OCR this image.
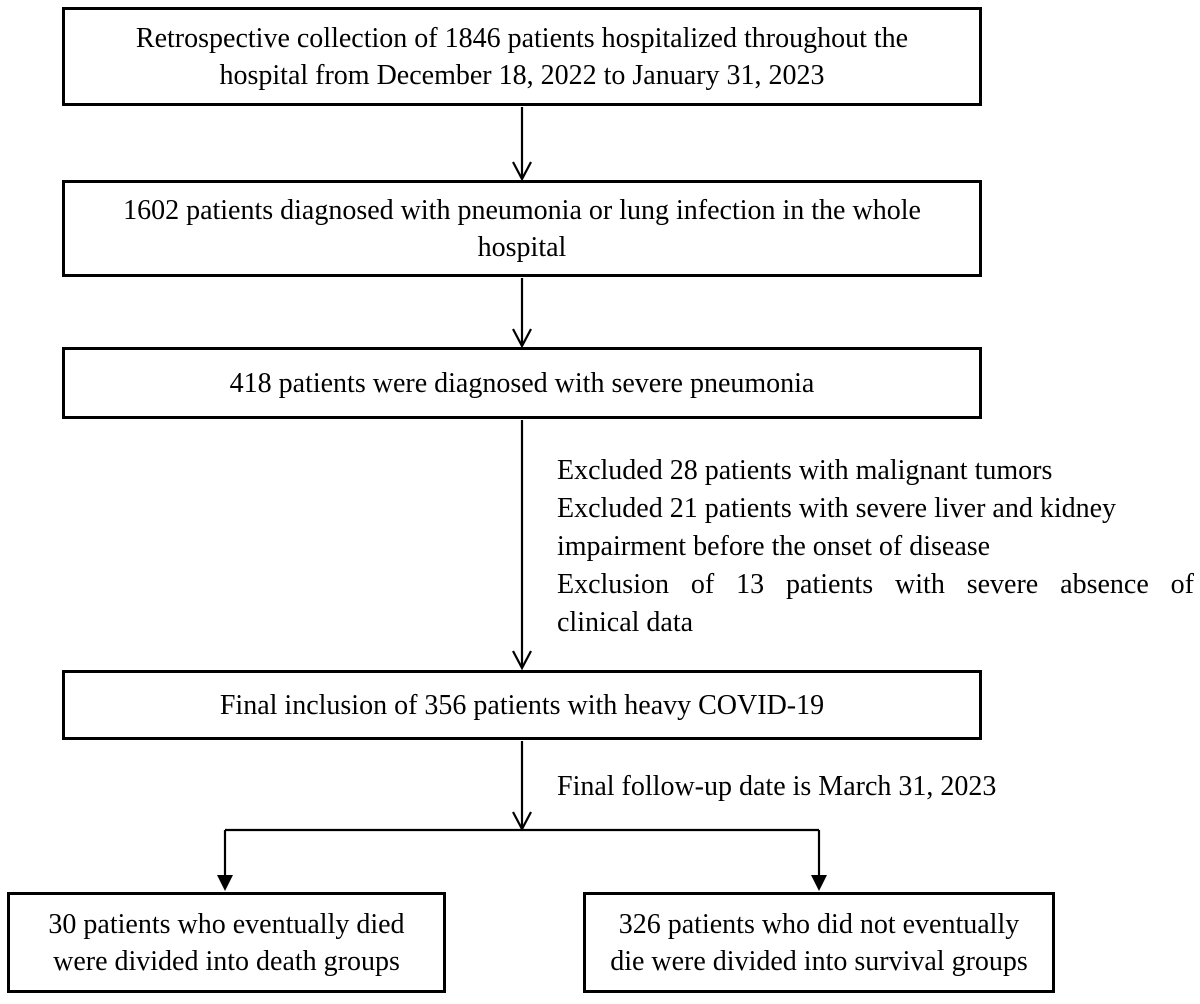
Retrospective collection of 1846 patients hospitalized throughout the
hospital from December 18, 2022 to January 31, 2023
1602 patients diagnosed with pneumonia or lung infection in the whole
hospital
418 patients were diagnosed with severe pneumonia
Final inclusion of 356 patients with heavy COVID-19
30 patients who eventually died
were divided into death groups
326 patients who did not eventually
die were divided into survival groups
Excluded 28 patients with malignant tumors
Excluded 21 patients with severe liver and kidney
impairment before the onset of disease
Exclusion of 13 patients with severe absence of
clinical data
Final follow-up date is March 31, 2023
